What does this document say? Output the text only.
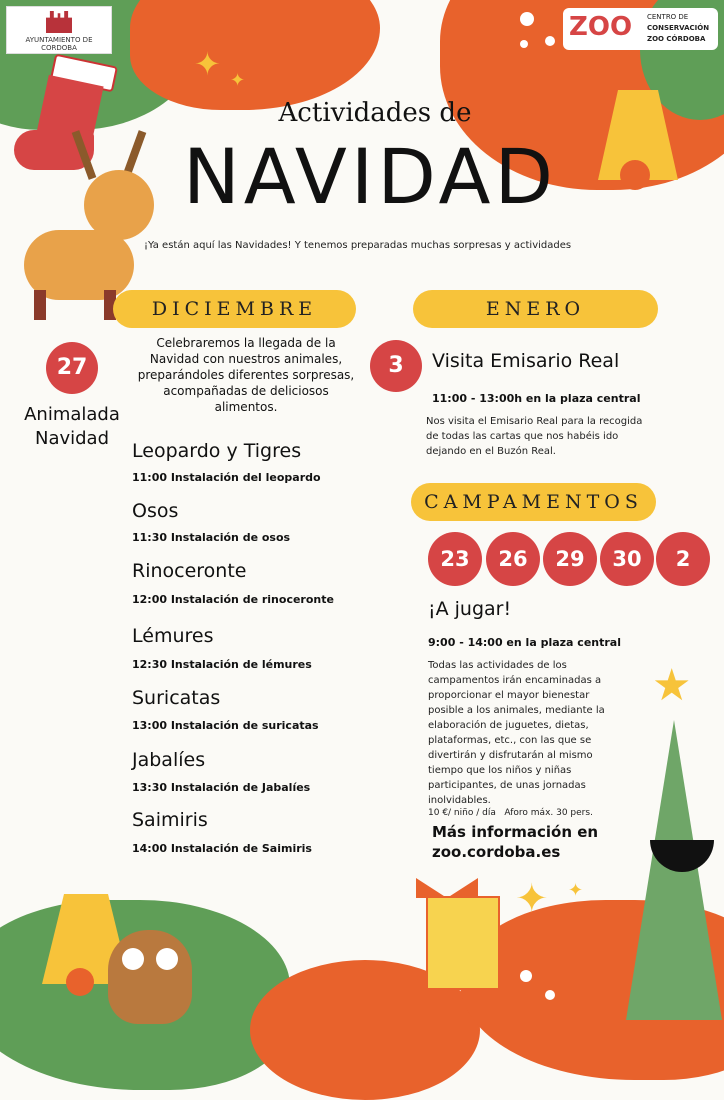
AYUNTAMIENTO DE CORDOBA
ZOO CENTRO DE
CONSERVACIÓN
ZOO CÓRDOBA
✦ ✦
✦ ✦
Actividades de
NAVIDAD
¡Ya están aquí las Navidades! Y tenemos preparadas muchas sorpresas y actividades
DICIEMBRE
27
Animalada Navidad
Celebraremos la llegada de la Navidad con nuestros animales, preparándoles diferentes sorpresas, acompañadas de deliciosos alimentos.
Leopardo y Tigres
11:00 Instalación del leopardo
Osos
11:30 Instalación de osos
Rinoceronte
12:00 Instalación de rinoceronte
Lémures
12:30 Instalación de lémures
Suricatas
13:00 Instalación de suricatas
Jabalíes
13:30 Instalación de Jabalíes
Saimiris
14:00 Instalación de Saimiris
ENERO
3	Visita Emisario Real
11:00 - 13:00h en la plaza central
Nos visita el Emisario Real para la recogida de todas las cartas que nos habéis ido dejando en el Buzón Real.
CAMPAMENTOS
23	26	29	30	2
¡A jugar!
9:00 - 14:00 en la plaza central
Todas las actividades de los campamentos irán encaminadas a proporcionar el mayor bienestar posible a los animales, mediante la elaboración de juguetes, dietas, plataformas, etc., con las que se divertirán y disfrutarán al mismo tiempo que los niños y niñas participantes, de unas jornadas inolvidables.
10 €/ niño / día   Aforo máx. 30 pers.
Más información en
zoo.cordoba.es
★
